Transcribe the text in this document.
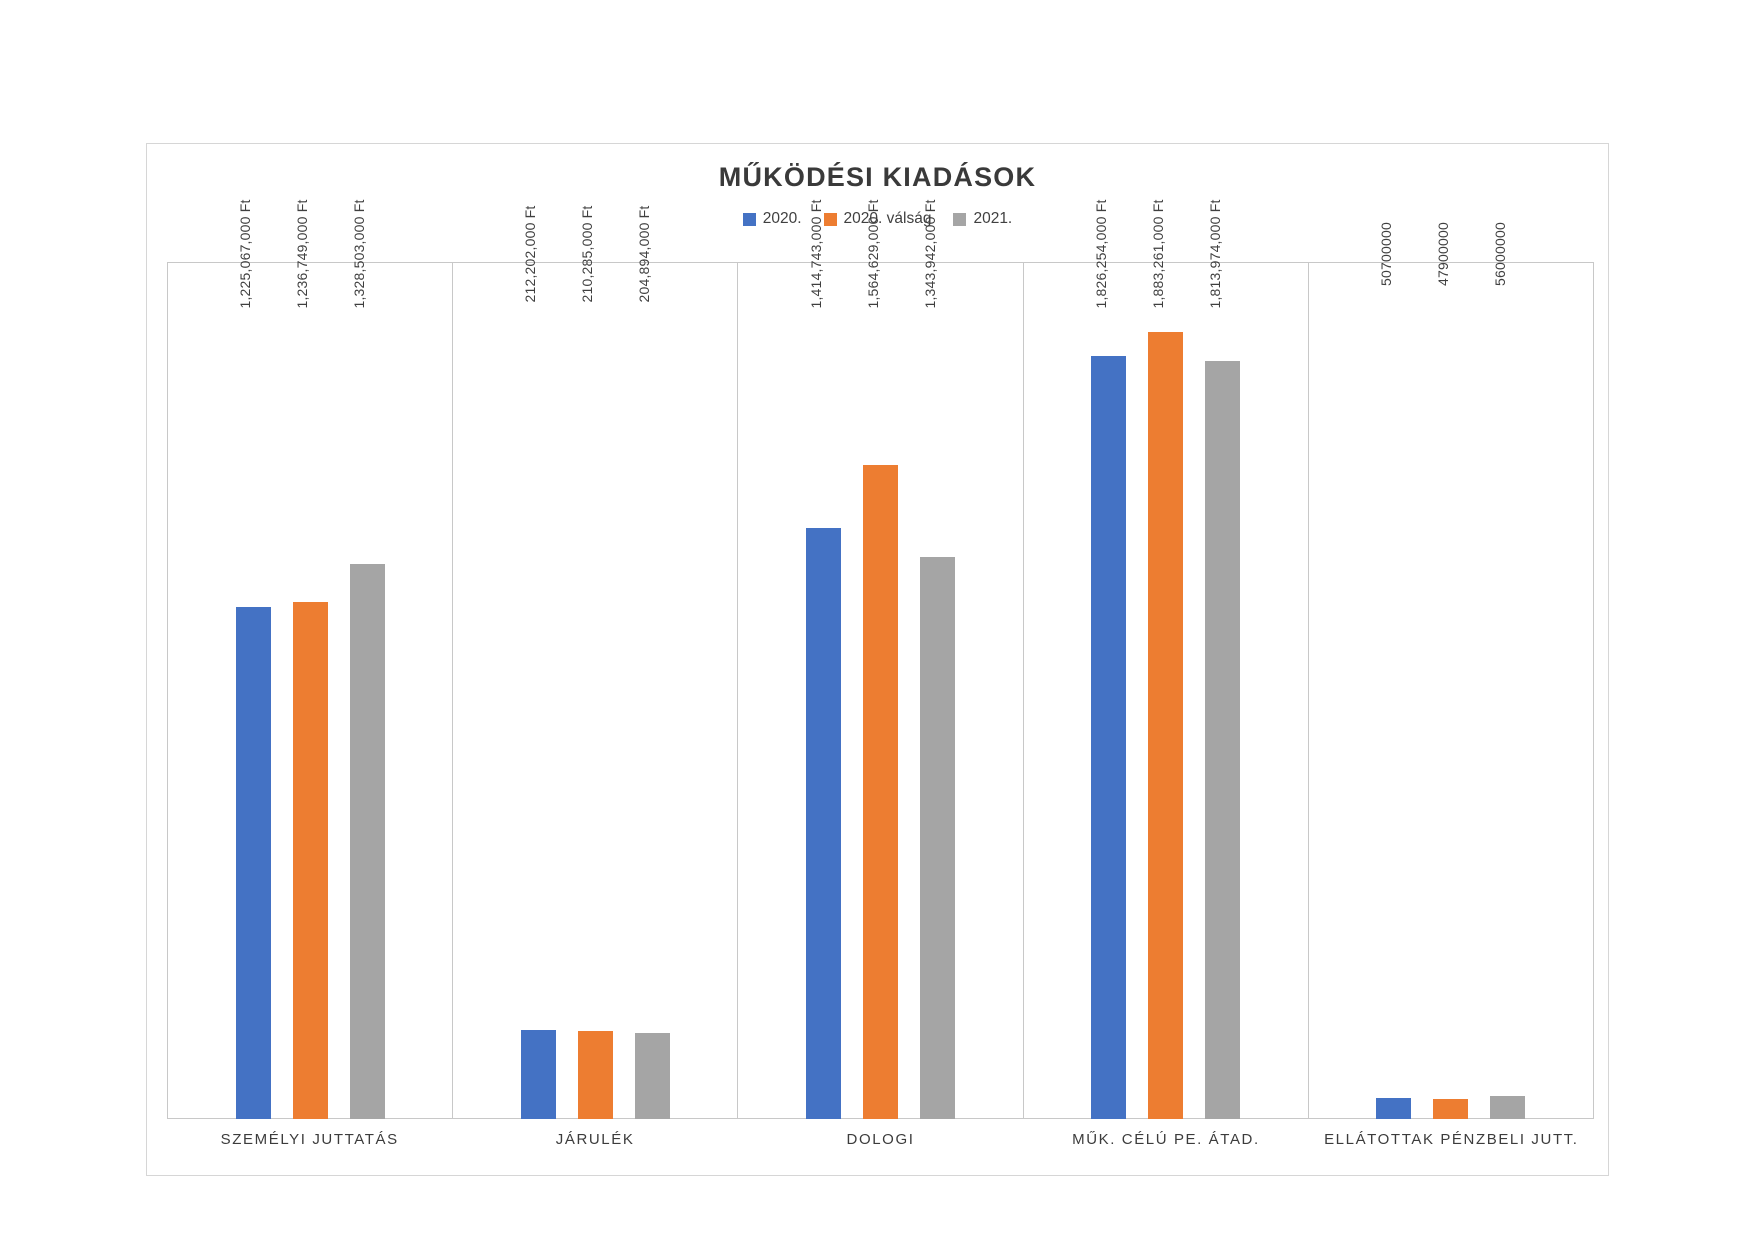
MŰKÖDÉSI KIADÁSOK
2020.	2020. válság	2021.
1,225,067,000 Ft	1,236,749,000 Ft	1,328,503,000 Ft	212,202,000 Ft	210,285,000 Ft	204,894,000 Ft	1,414,743,000 Ft	1,564,629,000 Ft	1,343,942,000 Ft	1,826,254,000 Ft	1,883,261,000 Ft	1,813,974,000 Ft	50700000	47900000	56000000
SZEMÉLYI JUTTATÁS	JÁRULÉK	DOLOGI	MŰK. CÉLÚ PE. ÁTAD.	ELLÁTOTTAK PÉNZBELI JUTT.
